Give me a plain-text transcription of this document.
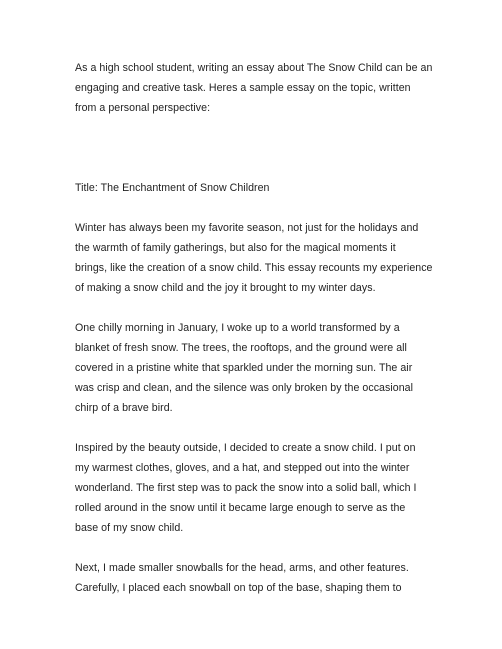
As a high school student, writing an essay about The Snow Child can be an
engaging and creative task. Heres a sample essay on the topic, written
from a personal perspective:
Title: The Enchantment of Snow Children
Winter has always been my favorite season, not just for the holidays and
the warmth of family gatherings, but also for the magical moments it
brings, like the creation of a snow child. This essay recounts my experience
of making a snow child and the joy it brought to my winter days.
One chilly morning in January, I woke up to a world transformed by a
blanket of fresh snow. The trees, the rooftops, and the ground were all
covered in a pristine white that sparkled under the morning sun. The air
was crisp and clean, and the silence was only broken by the occasional
chirp of a brave bird.
Inspired by the beauty outside, I decided to create a snow child. I put on
my warmest clothes, gloves, and a hat, and stepped out into the winter
wonderland. The first step was to pack the snow into a solid ball, which I
rolled around in the snow until it became large enough to serve as the
base of my snow child.
Next, I made smaller snowballs for the head, arms, and other features.
Carefully, I placed each snowball on top of the base, shaping them to
